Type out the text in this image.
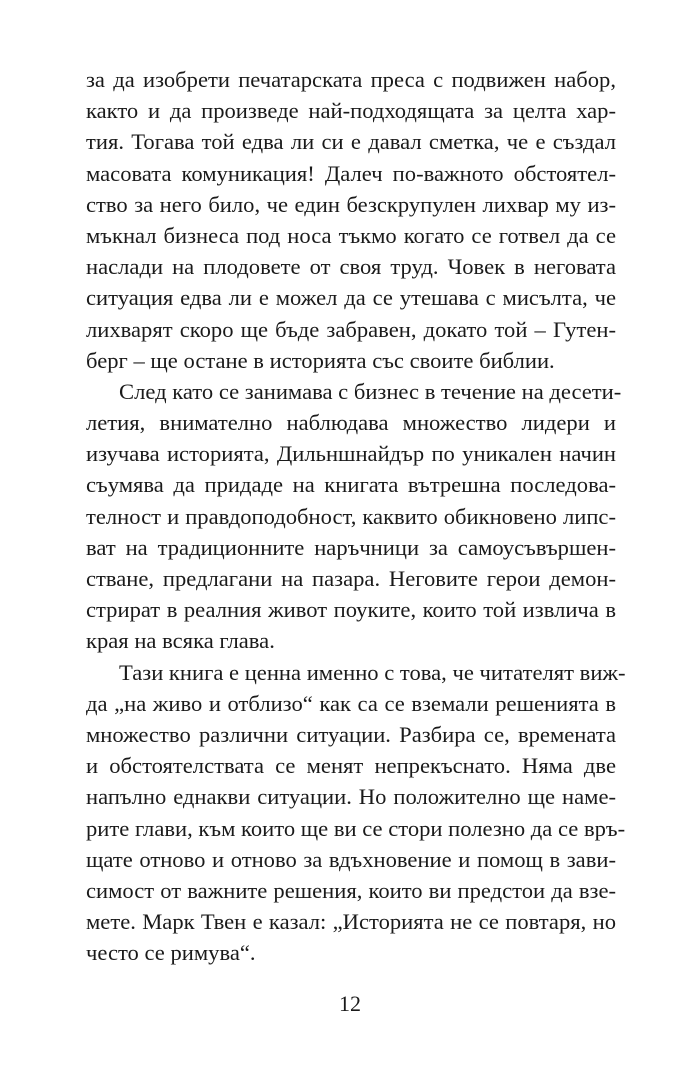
за да изобрети печатарската преса с подвижен набор,
както и да произведе най-подходящата за целта хар-
тия. Тогава той едва ли си е давал сметка, че е създал
масовата комуникация! Далеч по-важното обстоятел-
ство за него било, че един безскрупулен лихвар му из-
мъкнал бизнеса под носа тъкмо когато се готвел да се
наслади на плодовете от своя труд. Човек в неговата
ситуация едва ли е можел да се утешава с мисълта, че
лихварят скоро ще бъде забравен, докато той – Гутен-
берг – ще остане в историята със своите библии.

След като се занимава с бизнес в течение на десети-
летия, внимателно наблюдава множество лидери и
изучава историята, Дильншнайдър по уникален начин
съумява да придаде на книгата вътрешна последова-
телност и правдоподобност, каквито обикновено липс-
ват на традиционните наръчници за самоусъвършен-
стване, предлагани на пазара. Неговите герои демон-
стрират в реалния живот поуките, които той извлича в
края на всяка глава.

Тази книга е ценна именно с това, че читателят виж-
да „на живо и отблизо“ как са се вземали решенията в
множество различни ситуации. Разбира се, времената
и обстоятелствата се менят непрекъснато. Няма две
напълно еднакви ситуации. Но положително ще наме-
рите глави, към които ще ви се стори полезно да се връ-
щате отново и отново за вдъхновение и помощ в зави-
симост от важните решения, които ви предстои да взе-
мете. Марк Твен е казал: „Историята не се повтаря, но
често се римува“.

12
